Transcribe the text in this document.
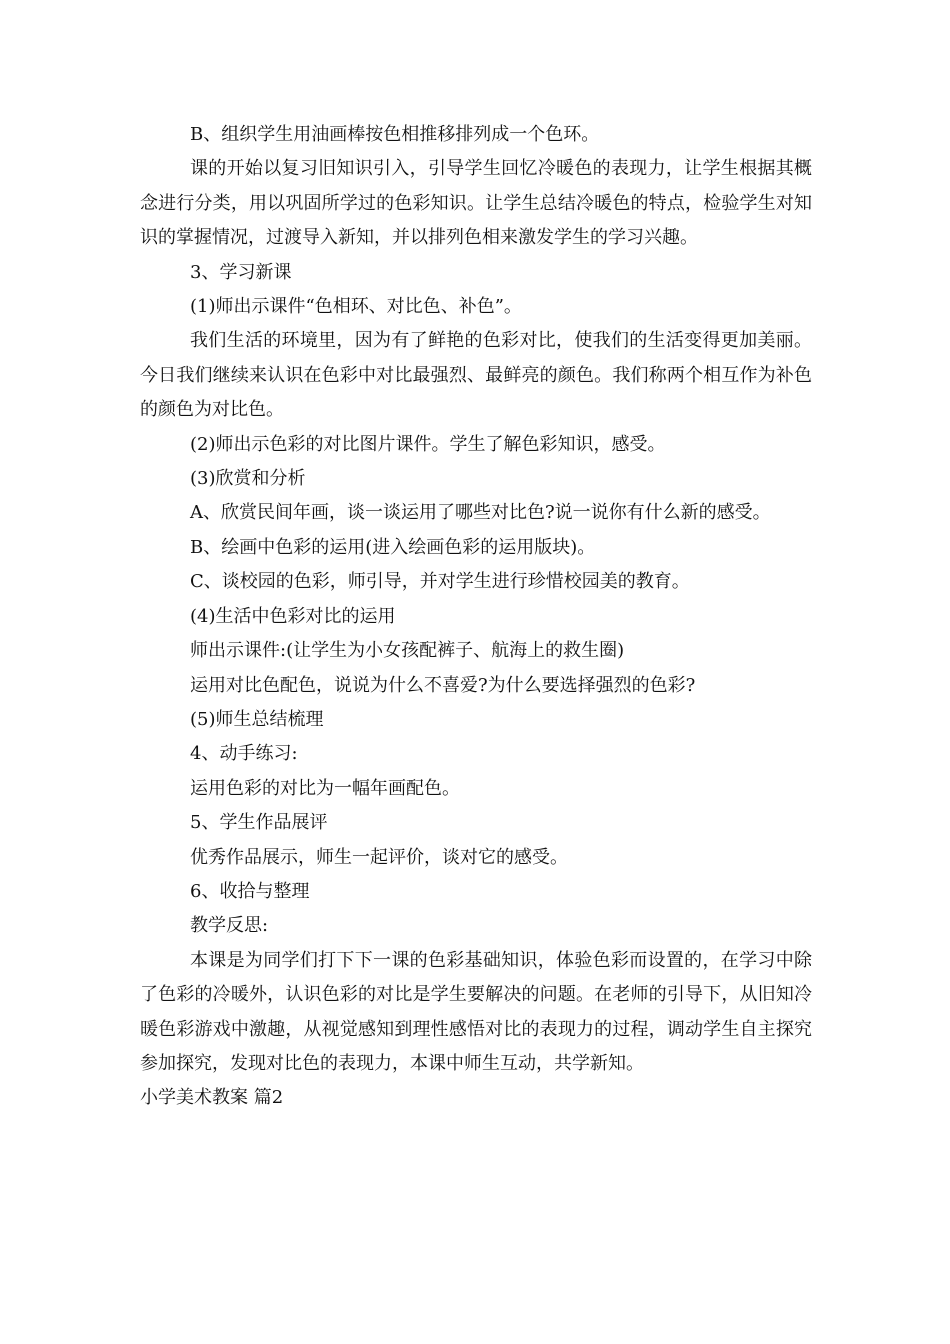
B、组织学生用油画棒按色相推移排列成一个色环。

课的开始以复习旧知识引入，引导学生回忆冷暖色的表现力，让学生根据其概念进行分类，用以巩固所学过的色彩知识。让学生总结冷暖色的特点，检验学生对知识的掌握情况，过渡导入新知，并以排列色相来激发学生的学习兴趣。

3、学习新课

(1)师出示课件“色相环、对比色、补色”。

我们生活的环境里，因为有了鲜艳的色彩对比，使我们的生活变得更加美丽。今日我们继续来认识在色彩中对比最强烈、最鲜亮的颜色。我们称两个相互作为补色的颜色为对比色。

(2)师出示色彩的对比图片课件。学生了解色彩知识，感受。

(3)欣赏和分析

A、欣赏民间年画，谈一谈运用了哪些对比色?说一说你有什么新的感受。

B、绘画中色彩的运用(进入绘画色彩的运用版块)。

C、谈校园的色彩，师引导，并对学生进行珍惜校园美的教育。

(4)生活中色彩对比的运用

师出示课件:(让学生为小女孩配裤子、航海上的救生圈)

运用对比色配色，说说为什么不喜爱?为什么要选择强烈的色彩?

(5)师生总结梳理

4、动手练习:

运用色彩的对比为一幅年画配色。

5、学生作品展评

优秀作品展示，师生一起评价，谈对它的感受。

6、收拾与整理

教学反思:

本课是为同学们打下下一课的色彩基础知识，体验色彩而设置的，在学习中除了色彩的冷暖外，认识色彩的对比是学生要解决的问题。在老师的引导下，从旧知冷暖色彩游戏中激趣，从视觉感知到理性感悟对比的表现力的过程，调动学生自主探究参加探究，发现对比色的表现力，本课中师生互动，共学新知。

小学美术教案 篇2
